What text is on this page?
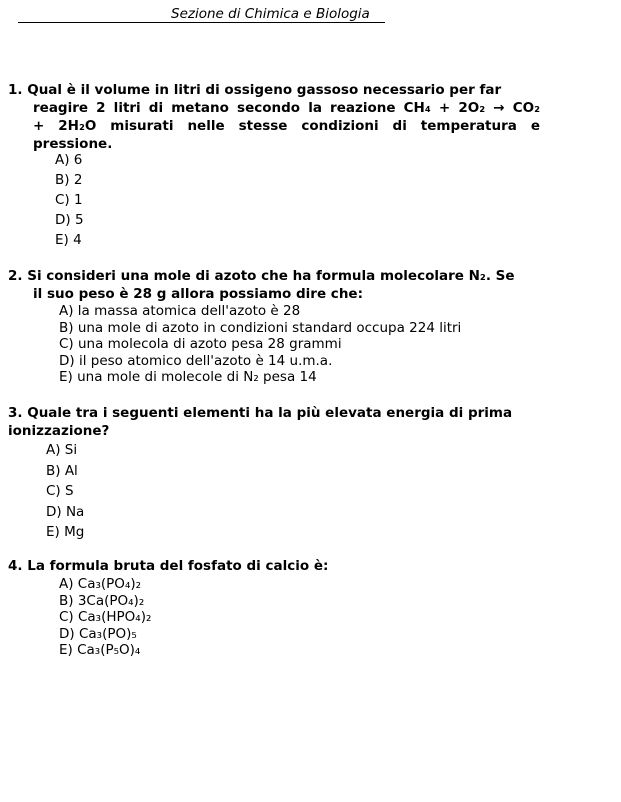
Sezione di Chimica e Biologia
1. Qual è il volume in litri di ossigeno gassoso necessario per far
reagire 2 litri di metano secondo la reazione CH₄ + 2O₂ → CO₂
+ 2H₂O misurati nelle stesse condizioni di temperatura e
pressione.
A) 6
B) 2
C) 1
D) 5
E) 4
2. Si consideri una mole di azoto che ha formula molecolare N₂. Se
il suo peso è 28 g allora possiamo dire che:
A) la massa atomica dell'azoto è 28
B) una mole di azoto in condizioni standard occupa 224 litri
C) una molecola di azoto pesa 28 grammi
D) il peso atomico dell'azoto è 14 u.m.a.
E) una mole di molecole di N₂ pesa 14
3. Quale tra i seguenti elementi ha la più elevata energia di prima
ionizzazione?
A) Si
B) Al
C) S
D) Na
E) Mg
4. La formula bruta del fosfato di calcio è:
A) Ca₃(PO₄)₂
B) 3Ca(PO₄)₂
C) Ca₃(HPO₄)₂
D) Ca₃(PO)₅
E) Ca₃(P₅O)₄
